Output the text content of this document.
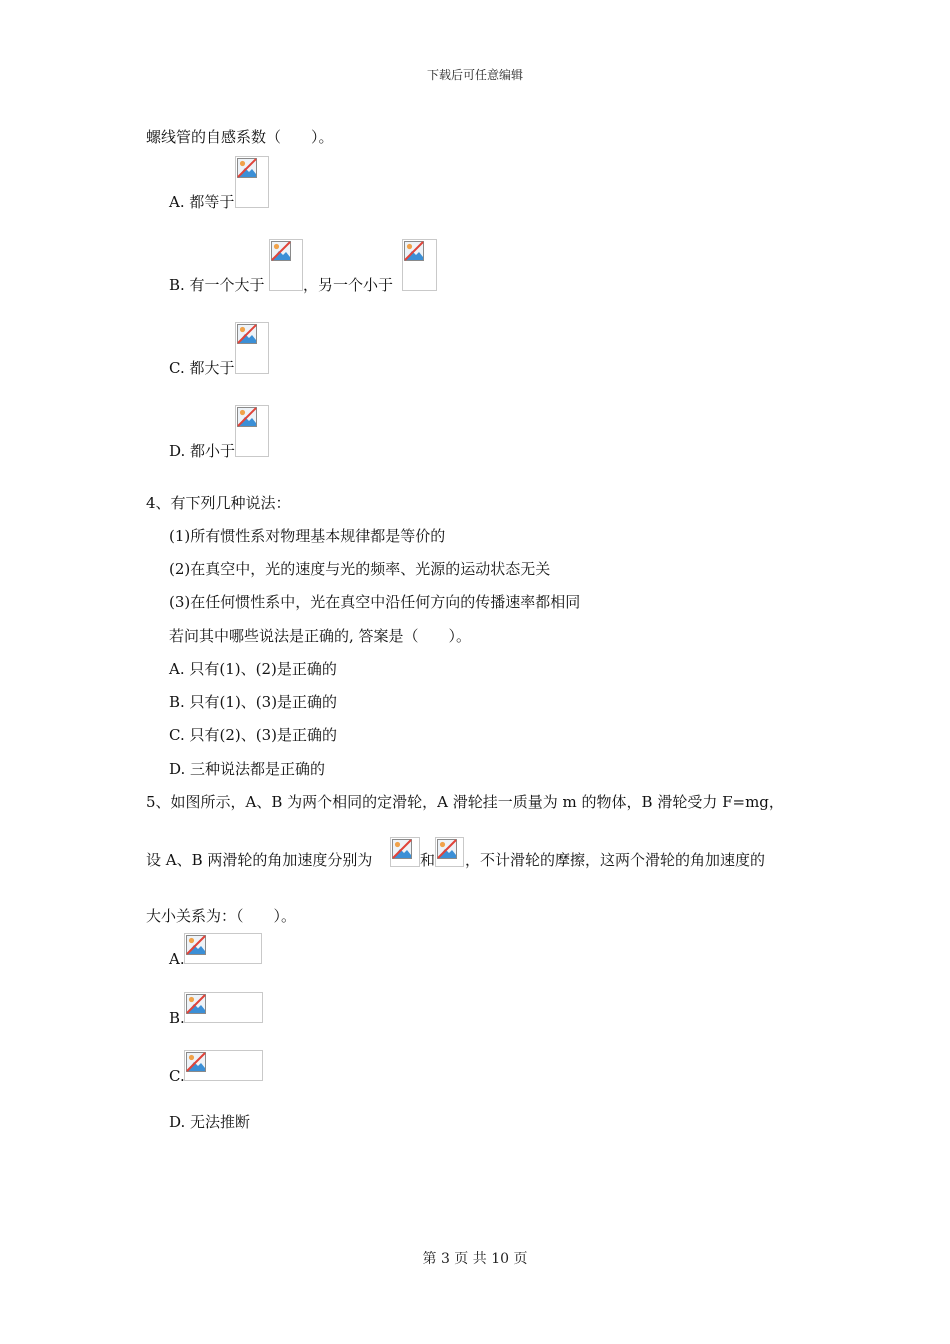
下载后可任意编辑
螺线管的自感系数（　　）。
A. 都等于
B. 有一个大于	，另一个小于
C. 都大于
D. 都小于
4、有下列几种说法：
(1)所有惯性系对物理基本规律都是等价的
(2)在真空中，光的速度与光的频率、光源的运动状态无关
(3)在任何惯性系中，光在真空中沿任何方向的传播速率都相同
若问其中哪些说法是正确的, 答案是（　　）。
A. 只有(1)、(2)是正确的
B. 只有(1)、(3)是正确的
C. 只有(2)、(3)是正确的
D. 三种说法都是正确的
5、如图所示，A、B 为两个相同的定滑轮，A 滑轮挂一质量为 m 的物体，B 滑轮受力 F=mg，
设 A、B 两滑轮的角加速度分别为	和 ，不计滑轮的摩擦，这两个滑轮的角加速度的
大小关系为：（　　）。
A.
B.
C.
D. 无法推断
第 3 页 共 10 页
